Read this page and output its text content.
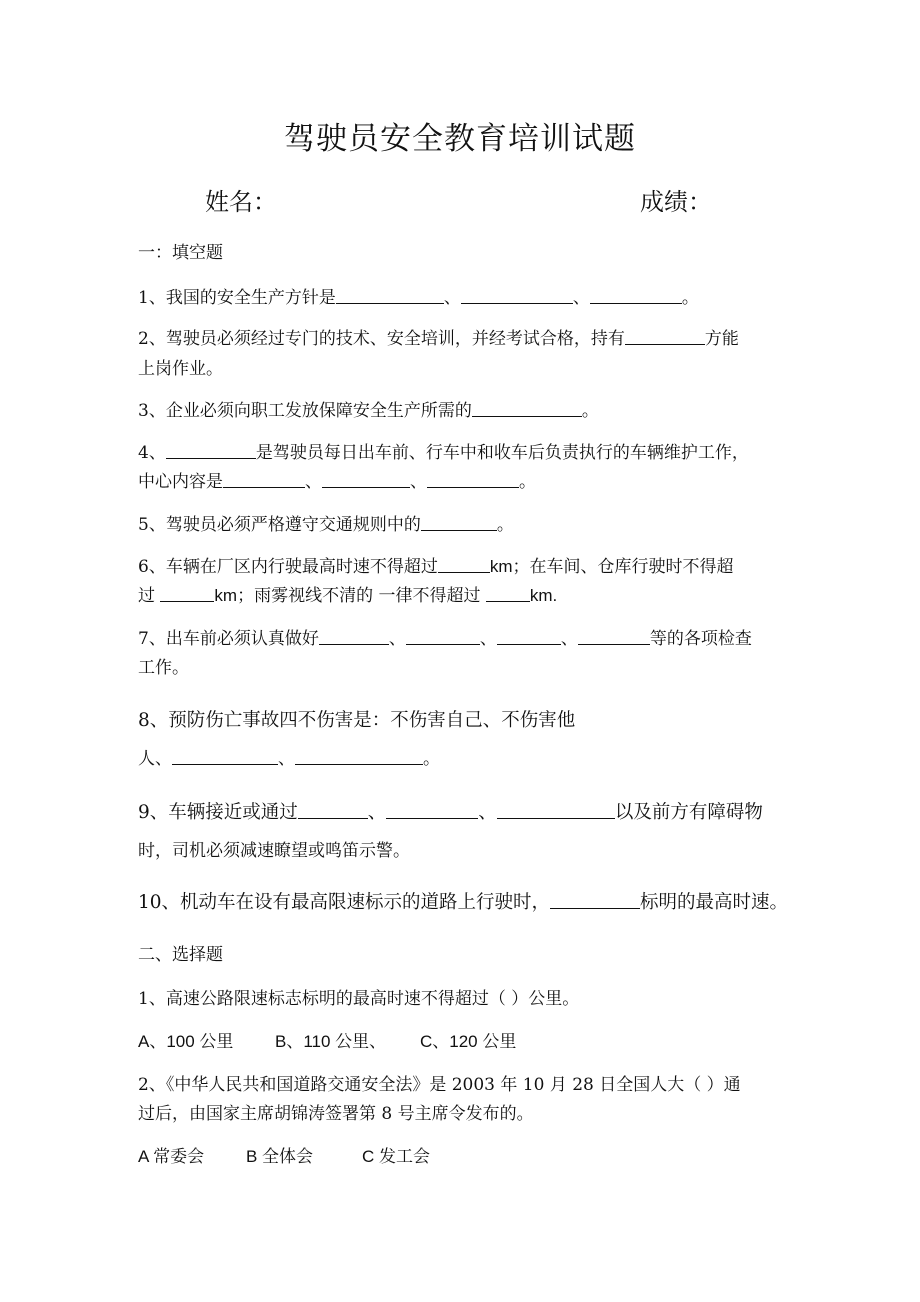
驾驶员安全教育培训试题
姓名：	成绩：
一：填空题
1、我国的安全生产方针是	、	、	。
2、驾驶员必须经过专门的技术、安全培训，并经考试合格，持有	方能
上岗作业。
3、企业必须向职工发放保障安全生产所需的	。
4、	是驾驶员每日出车前、行车中和收车后负责执行的车辆维护工作，
中心内容是	、	、	。
5、驾驶员必须严格遵守交通规则中的	。
6、车辆在厂区内行驶最高时速不得超过	km；在车间、仓库行驶时不得超
过	km；雨雾视线不清的 一律不得超过	km.
7、出车前必须认真做好	、	、	、	等的各项检查
工作。
8、预防伤亡事故四不伤害是：不伤害自己、不伤害他
人、	、	。
9、车辆接近或通过	、	、	以及前方有障碍物
时，司机必须减速瞭望或鸣笛示警。
10、机动车在设有最高限速标示的道路上行驶时，	标明的最高时速。
二、选择题
1、高速公路限速标志标明的最高时速不得超过（ ）公里。
A、100 公里 B、110 公里、 C、120 公里
2、《中华人民共和国道路交通安全法》是 2003 年 10 月 28 日全国人大（ ）通
过后，由国家主席胡锦涛签署第 8 号主席令发布的。
A 常委会 B 全体会	C 发工会
